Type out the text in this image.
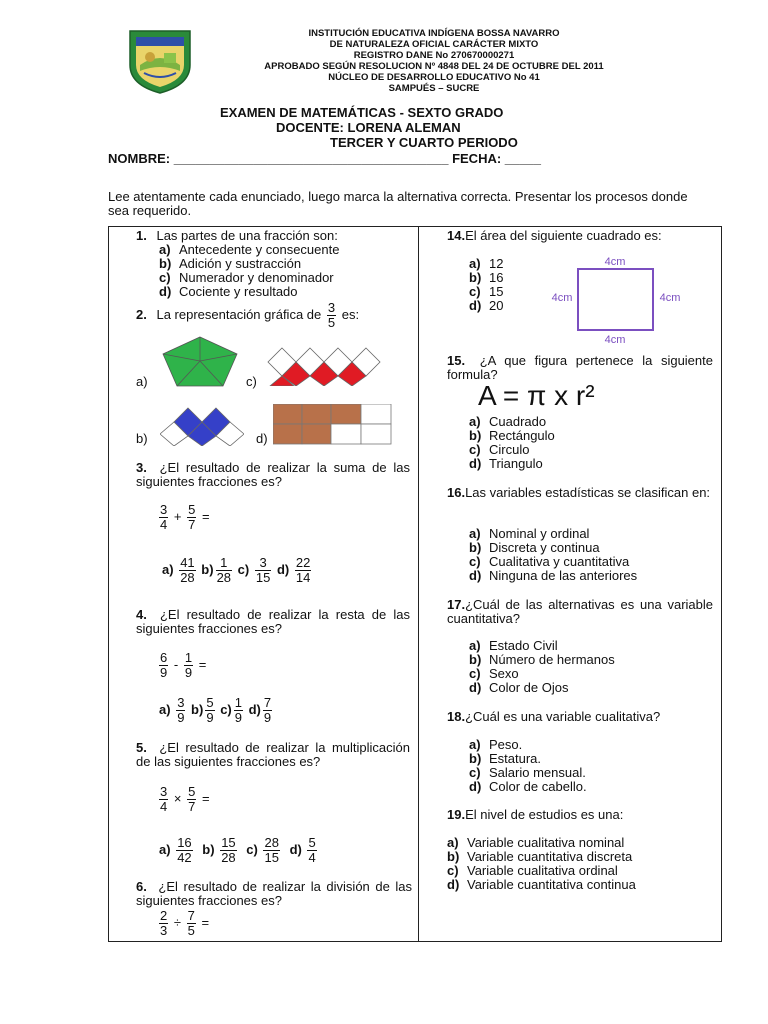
INSTITUCIÓN EDUCATIVA INDÍGENA BOSSA NAVARRO
DE NATURALEZA OFICIAL CARÁCTER MIXTO
REGISTRO DANE No 270670000271
APROBADO SEGÚN RESOLUCION Nº 4848 DEL 24 DE OCTUBRE DEL 2011
NÚCLEO DE DESARROLLO EDUCATIVO No 41
SAMPUÉS – SUCRE
EXAMEN DE MATEMÁTICAS - SEXTO GRADO
DOCENTE: LORENA ALEMAN
TERCER Y CUARTO PERIODO
NOMBRE: ______________________________________ FECHA: _____
Lee atentamente cada enunciado, luego marca la alternativa correcta. Presentar los procesos donde sea requerido.
1. Las partes de una fracción son:
a) Antecedente y consecuente
b) Adición y sustracción
c) Numerador y denominador
d) Cociente y resultado
2. La representación gráfica de $\frac{3}{5}$ es:
a)	c)
b)	d)
3. ¿El resultado de realizar la suma de las siguientes fracciones es?
$\frac{3}{4} + \frac{5}{7}$ =
$a) \frac{41}{28} b) \frac{1}{28} c) \frac{3}{15} d) \frac{22}{14}$
4. ¿El resultado de realizar la resta de las siguientes fracciones es?
$\frac{6}{9} - \frac{1}{9}$ =
$a) \frac{3}{9} b) \frac{5}{9} c) \frac{1}{9} d) \frac{7}{9}$
5. ¿El resultado de realizar la multiplicación de las siguientes fracciones es?
$\frac{3}{4} \times \frac{5}{7}$ =
$a) \frac{16}{42} b) \frac{15}{28} c) \frac{28}{15} d) \frac{5}{4}$
6. ¿El resultado de realizar la división de las siguientes fracciones es?
$\frac{2}{3} \div \frac{7}{5}$ =
14.El área del siguiente cuadrado es:
a) 12
b) 16
c) 15
d) 20
4cm
4cm	4cm
4cm
15. ¿A que figura pertenece la siguiente formula?
A = π x r²
a) Cuadrado
b) Rectángulo
c) Circulo
d) Triangulo
16.Las variables estadísticas se clasifican en:
a) Nominal y ordinal
b) Discreta y continua
c) Cualitativa y cuantitativa
d) Ninguna de las anteriores
17.¿Cuál de las alternativas es una variable cuantitativa?
a) Estado Civil
b) Número de hermanos
c) Sexo
d) Color de Ojos
18.¿Cuál es una variable cualitativa?
a) Peso.
b) Estatura.
c) Salario mensual.
d) Color de cabello.
19.El nivel de estudios es una:
a) Variable cualitativa nominal
b) Variable cuantitativa discreta
c) Variable cualitativa ordinal
d) Variable cuantitativa continua
